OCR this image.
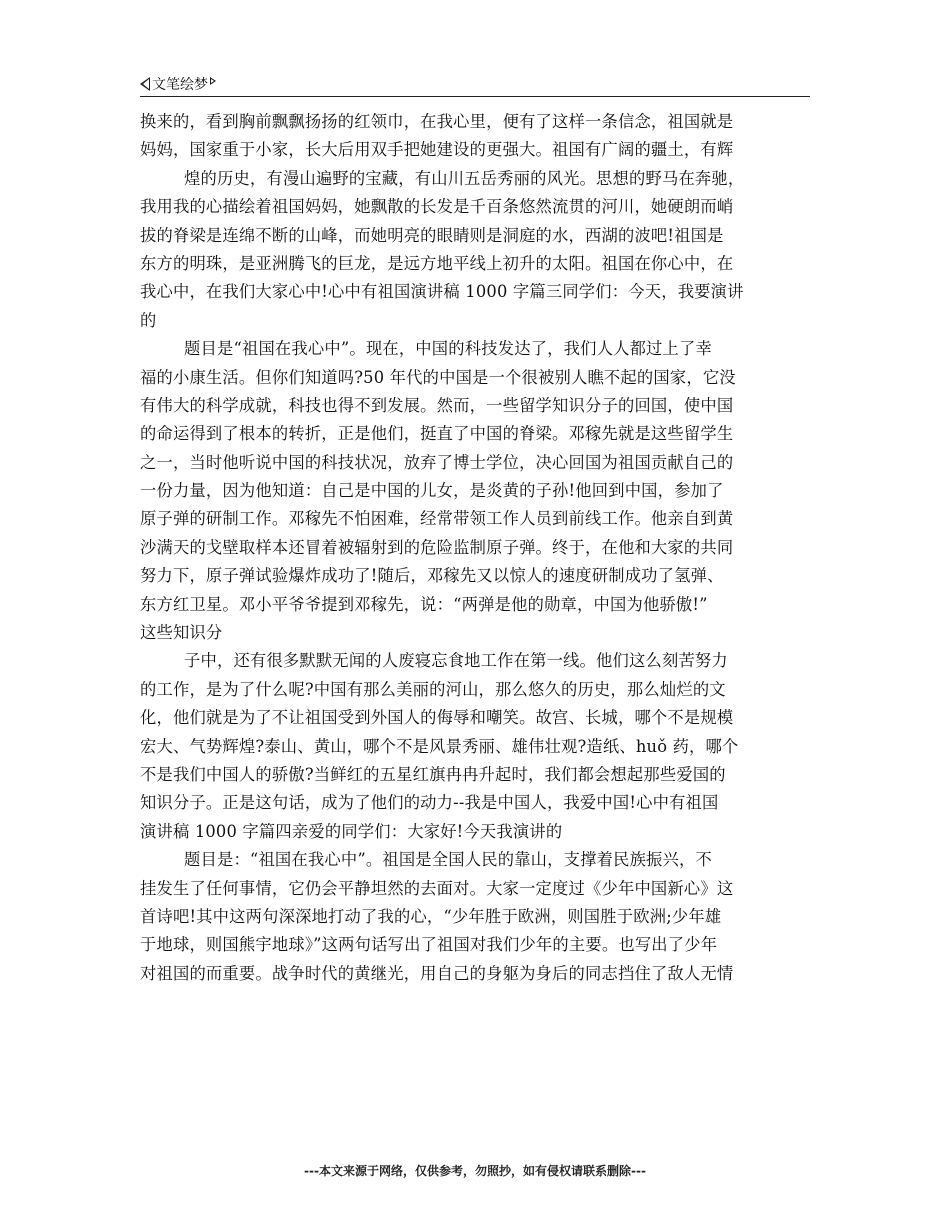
文笔绘梦
换来的，看到胸前飘飘扬扬的红领巾，在我心里，便有了这样一条信念，祖国就是
妈妈，国家重于小家，长大后用双手把她建设的更强大。祖国有广阔的疆土，有辉
煌的历史，有漫山遍野的宝藏，有山川五岳秀丽的风光。思想的野马在奔驰，
我用我的心描绘着祖国妈妈，她飘散的长发是千百条悠然流贯的河川，她硬朗而峭
拔的脊梁是连绵不断的山峰，而她明亮的眼睛则是洞庭的水，西湖的波吧!祖国是
东方的明珠，是亚洲腾飞的巨龙，是远方地平线上初升的太阳。祖国在你心中，在
我心中，在我们大家心中!心中有祖国演讲稿 1000 字篇三同学们：今天，我要演讲
的
题目是“祖国在我心中”。现在，中国的科技发达了，我们人人都过上了幸
福的小康生活。但你们知道吗?50 年代的中国是一个很被别人瞧不起的国家，它没
有伟大的科学成就，科技也得不到发展。然而，一些留学知识分子的回国，使中国
的命运得到了根本的转折，正是他们，挺直了中国的脊梁。邓稼先就是这些留学生
之一，当时他听说中国的科技状况，放弃了博士学位，决心回国为祖国贡献自己的
一份力量，因为他知道：自己是中国的儿女，是炎黄的子孙!他回到中国，参加了
原子弹的研制工作。邓稼先不怕困难，经常带领工作人员到前线工作。他亲自到黄
沙满天的戈壁取样本还冒着被辐射到的危险监制原子弹。终于，在他和大家的共同
努力下，原子弹试验爆炸成功了!随后，邓稼先又以惊人的速度研制成功了氢弹、
东方红卫星。邓小平爷爷提到邓稼先，说：“两弹是他的勋章，中国为他骄傲!”
这些知识分
子中，还有很多默默无闻的人废寝忘食地工作在第一线。他们这么刻苦努力
的工作，是为了什么呢?中国有那么美丽的河山，那么悠久的历史，那么灿烂的文
化，他们就是为了不让祖国受到外国人的侮辱和嘲笑。故宫、长城，哪个不是规模
宏大、气势辉煌?泰山、黄山，哪个不是风景秀丽、雄伟壮观?造纸、huǒ 药，哪个
不是我们中国人的骄傲?当鲜红的五星红旗冉冉升起时，我们都会想起那些爱国的
知识分子。正是这句话，成为了他们的动力--我是中国人，我爱中国!心中有祖国
演讲稿 1000 字篇四亲爱的同学们：大家好!今天我演讲的
题目是：“祖国在我心中”。祖国是全国人民的靠山，支撑着民族振兴，不
挂发生了任何事情，它仍会平静坦然的去面对。大家一定度过《少年中国新心》这
首诗吧!其中这两句深深地打动了我的心，“少年胜于欧洲，则国胜于欧洲;少年雄
于地球，则国熊宇地球》”这两句话写出了祖国对我们少年的主要。也写出了少年
对祖国的而重要。战争时代的黄继光，用自己的身躯为身后的同志挡住了敌人无情
---本文来源于网络，仅供参考，勿照抄，如有侵权请联系删除---
